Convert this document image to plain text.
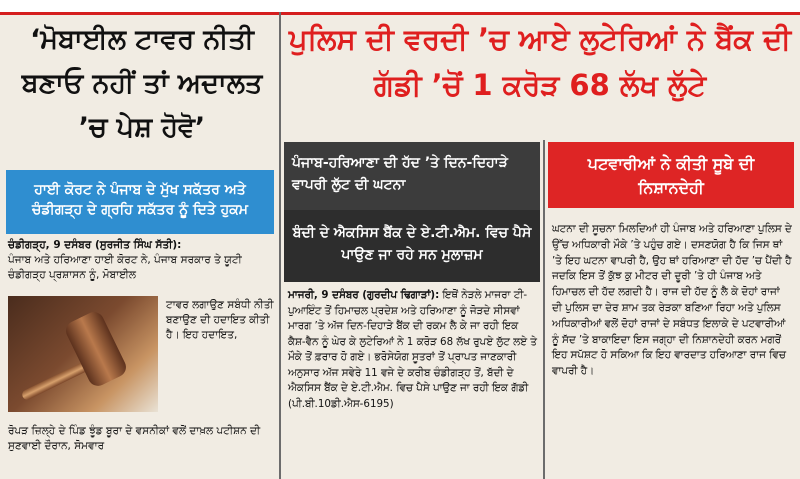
‘ਮੋਬਾਈਲ ਟਾਵਰ ਨੀਤੀ ਬਣਾਓ ਨਹੀਂ ਤਾਂ ਅਦਾਲਤ ’ਚ ਪੇਸ਼ ਹੋਵੋ’
ਹਾਈ ਕੋਰਟ ਨੇ ਪੰਜਾਬ ਦੇ ਮੁੱਖ ਸਕੱਤਰ ਅਤੇ ਚੰਡੀਗੜ੍ਹ ਦੇ ਗ੍ਰਹਿ ਸਕੱਤਰ ਨੂੰ ਦਿਤੇ ਹੁਕਮ
ਚੰਡੀਗੜ੍ਹ, 9 ਦਸੰਬਰ (ਸੁਰਜੀਤ ਸਿੰਘ ਸੱਤੀ):
ਪੰਜਾਬ ਅਤੇ ਹਰਿਆਣਾ ਹਾਈ ਕੋਰਟ ਨੇ, ਪੰਜਾਬ ਸਰਕਾਰ ਤੇ ਯੂਟੀ ਚੰਡੀਗੜ੍ਹ ਪ੍ਰਸ਼ਾਸਨ ਨੂੰ, ਮੋਬਾਈਲ
ਟਾਵਰ ਲਗਾਉਣ ਸਬੰਧੀ ਨੀਤੀ ਬਣਾਉਣ ਦੀ ਹਦਾਇਤ ਕੀਤੀ ਹੈ। ਇਹ ਹਦਾਇਤ,
ਰੋਪੜ ਜ਼ਿਲ੍ਹੇ ਦੇ ਪਿੰਡ ਝੂੰਡ ਬੂਰਾ ਦੇ ਵਸਨੀਕਾਂ ਵਲੋਂ ਦਾਖ਼ਲ ਪਟੀਸ਼ਨ ਦੀ ਸੁਣਵਾਈ ਦੌਰਾਨ, ਸੋਮਵਾਰ
ਪੁਲਿਸ ਦੀ ਵਰਦੀ ’ਚ ਆਏ ਲੁਟੇਰਿਆਂ ਨੇ ਬੈਂਕ ਦੀ ਗੱਡੀ ’ਚੋਂ 1 ਕਰੋੜ 68 ਲੱਖ ਲੁੱਟੇ
ਪੰਜਾਬ-ਹਰਿਆਣਾ ਦੀ ਹੱਦ ’ਤੇ ਦਿਨ-ਦਿਹਾੜੇ ਵਾਪਰੀ ਲੁੱਟ ਦੀ ਘਟਨਾ
ਬੰਦੀ ਦੇ ਐਕਸਿਸ ਬੈਂਕ ਦੇ ਏ.ਟੀ.ਐਮ. ਵਿਚ ਪੈਸੇ ਪਾਉਣ ਜਾ ਰਹੇ ਸਨ ਮੁਲਾਜ਼ਮ
ਮਾਜਰੀ, 9 ਦਸੰਬਰ (ਗੁਰਦੀਪ ਢਿਗਾੜਾਂ): ਇਥੋਂ ਨੇੜਲੇ ਮਾਜਰਾ ਟੀ-ਪੁਆਇੰਟ ਤੋਂ ਹਿਮਾਚਲ ਪ੍ਰਦੇਸ਼ ਅਤੇ ਹਰਿਆਣਾ ਨੂੰ ਜੋੜਦੇ ਸੀਸਵਾਂ ਮਾਰਗ ’ਤੇ ਅੱਜ ਦਿਨ-ਦਿਹਾੜੇ ਬੈਂਕ ਦੀ ਰਕਮ ਲੈ ਕੇ ਜਾ ਰਹੀ ਇਕ ਕੈਸ਼-ਵੈਨ ਨੂੰ ਘੇਰ ਕੇ ਲੁਟੇਰਿਆਂ ਨੇ 1 ਕਰੋੜ 68 ਲੱਖ ਰੁਪਏ ਲੁੱਟ ਲਏ ਤੇ ਮੌਕੇ ਤੋਂ ਫ਼ਰਾਰ ਹੋ ਗਏ। ਭਰੋਸੇਯੋਗ ਸੂਤਰਾਂ ਤੋਂ ਪ੍ਰਾਪਤ ਜਾਣਕਾਰੀ ਅਨੁਸਾਰ ਅੱਜ ਸਵੇਰੇ 11 ਵਜੇ ਦੇ ਕਰੀਬ ਚੰਡੀਗੜ੍ਹ ਤੋਂ, ਬੱਦੀ ਦੇ ਐਕਸਿਸ ਬੈਂਕ ਦੇ ਏ.ਟੀ.ਐਮ. ਵਿਚ ਪੈਸੇ ਪਾਉਣ ਜਾ ਰਹੀ ਇਕ ਗੱਡੀ (ਪੀ.ਬੀ.10ਡੀ.ਐਸ-6195)
ਪਟਵਾਰੀਆਂ ਨੇ ਕੀਤੀ ਸੂਬੇ ਦੀ ਨਿਸ਼ਾਨਦੇਹੀ
ਘਟਨਾ ਦੀ ਸੂਚਨਾ ਮਿਲਦਿਆਂ ਹੀ ਪੰਜਾਬ ਅਤੇ ਹਰਿਆਣਾ ਪੁਲਿਸ ਦੇ ਉੱਚ ਅਧਿਕਾਰੀ ਮੌਕੇ ’ਤੇ ਪਹੁੰਚ ਗਏ। ਦਸਣਯੋਗ ਹੈ ਕਿ ਜਿਸ ਥਾਂ ’ਤੇ ਇਹ ਘਟਨਾ ਵਾਪਰੀ ਹੈ, ਉਹ ਥਾਂ ਹਰਿਆਣਾ ਦੀ ਹੱਦ ’ਚ ਪੈਂਦੀ ਹੈ ਜਦਕਿ ਇਸ ਤੋਂ ਕੁੱਝ ਕੁ ਮੀਟਰ ਦੀ ਦੂਰੀ ’ਤੇ ਹੀ ਪੰਜਾਬ ਅਤੇ ਹਿਮਾਚਲ ਦੀ ਹੱਦ ਲਗਦੀ ਹੈ। ਰਾਜ ਦੀ ਹੱਦ ਨੂੰ ਲੈ ਕੇ ਦੋਹਾਂ ਰਾਜਾਂ ਦੀ ਪੁਲਿਸ ਦਾ ਦੇਰ ਸ਼ਾਮ ਤਕ ਰੇੜਕਾ ਬਣਿਆ ਰਿਹਾ ਅਤੇ ਪੁਲਿਸ ਅਧਿਕਾਰੀਆਂ ਵਲੋਂ ਦੋਹਾਂ ਰਾਜਾਂ ਦੇ ਸਬੰਧਤ ਇਲਾਕੇ ਦੇ ਪਟਵਾਰੀਆਂ ਨੂੰ ਸੱਦ ’ਤੇ ਬਾਕਾਇਦਾ ਇਸ ਜਗ੍ਹਾ ਦੀ ਨਿਸ਼ਾਨਦੇਹੀ ਕਰਨ ਮਗਰੋਂ ਇਹ ਸਪੱਸ਼ਟ ਹੋ ਸਕਿਆ ਕਿ ਇਹ ਵਾਰਦਾਤ ਹਰਿਆਣਾ ਰਾਜ ਵਿਚ ਵਾਪਰੀ ਹੈ।
